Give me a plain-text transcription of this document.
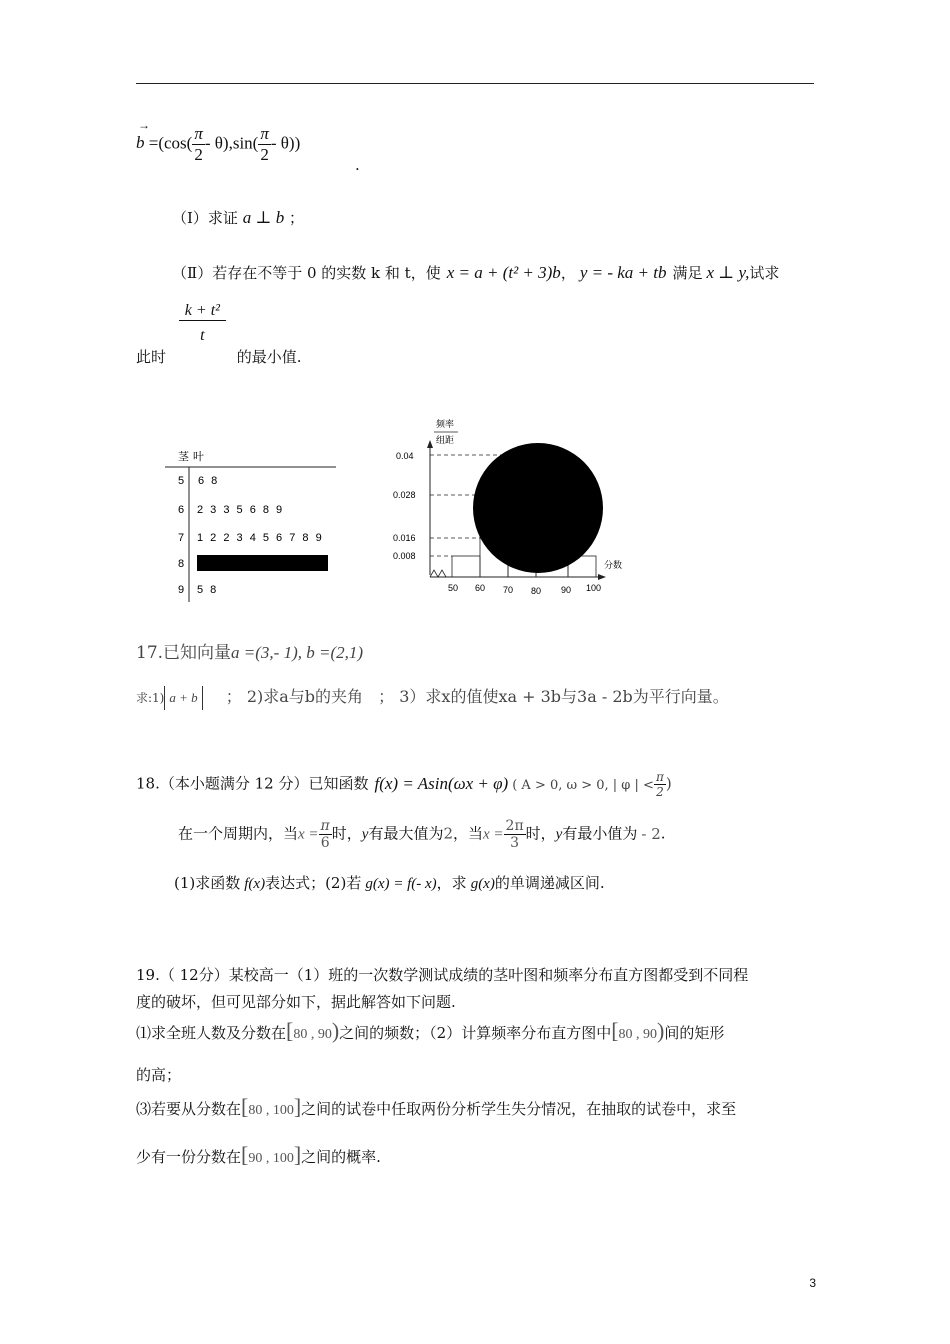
b
→
$=(\cos( \frac{\pi}{2} - \theta),\sin( \frac{\pi}{2} - \theta))$
.
（Ⅰ）求证 a ⊥ b ；
（Ⅱ）若存在不等于 0 的实数 k 和 t，使 x = a + (t² + 3)b， y = - ka + tb 满足 x ⊥ y,试求
此时
$\frac{\text{k + t²}}{t}$
的最小值.
茎 叶
5 6 8
6 2 3 3 5 6 8 9
7 1 2 2 3 4 5 6 7 8 9
8
9 5 8
频率
组距
0.04
0.028
0.016
0.008
50 60 70 80 90 100
分数
17.已知向量a =(3,- 1), b =(2,1)
求:1) a + b ； 2)求a与b的夹角 ； 3）求x的值使xa + 3b与3a - 2b为平行向量。
18.（本小题满分 12 分）已知函数 f(x) = Asin(ωx + φ) ( A > 0, ω > 0, | φ | < $\frac{\pi}{2}$ )
在一个周期内，当$x = \frac{\pi}{6}$ 时，y有最大值为2，当$x = \frac{2\pi}{3}$ 时，y有最小值为 - 2.
(1)求函数 f(x)表达式；(2)若 g(x) = f(- x)，求 g(x)的单调递减区间.
19.（ 12分）某校高一（1）班的一次数学测试成绩的茎叶图和频率分布直方图都受到不同程
度的破坏，但可见部分如下，据此解答如下问题.
⑴求全班人数及分数在[80 , 90)之间的频数；（2）计算频率分布直方图中[80 , 90)间的矩形
的高；
⑶若要从分数在[80 , 100]之间的试卷中任取两份分析学生失分情况，在抽取的试卷中，求至
少有一份分数在[90 , 100]之间的概率.
3
